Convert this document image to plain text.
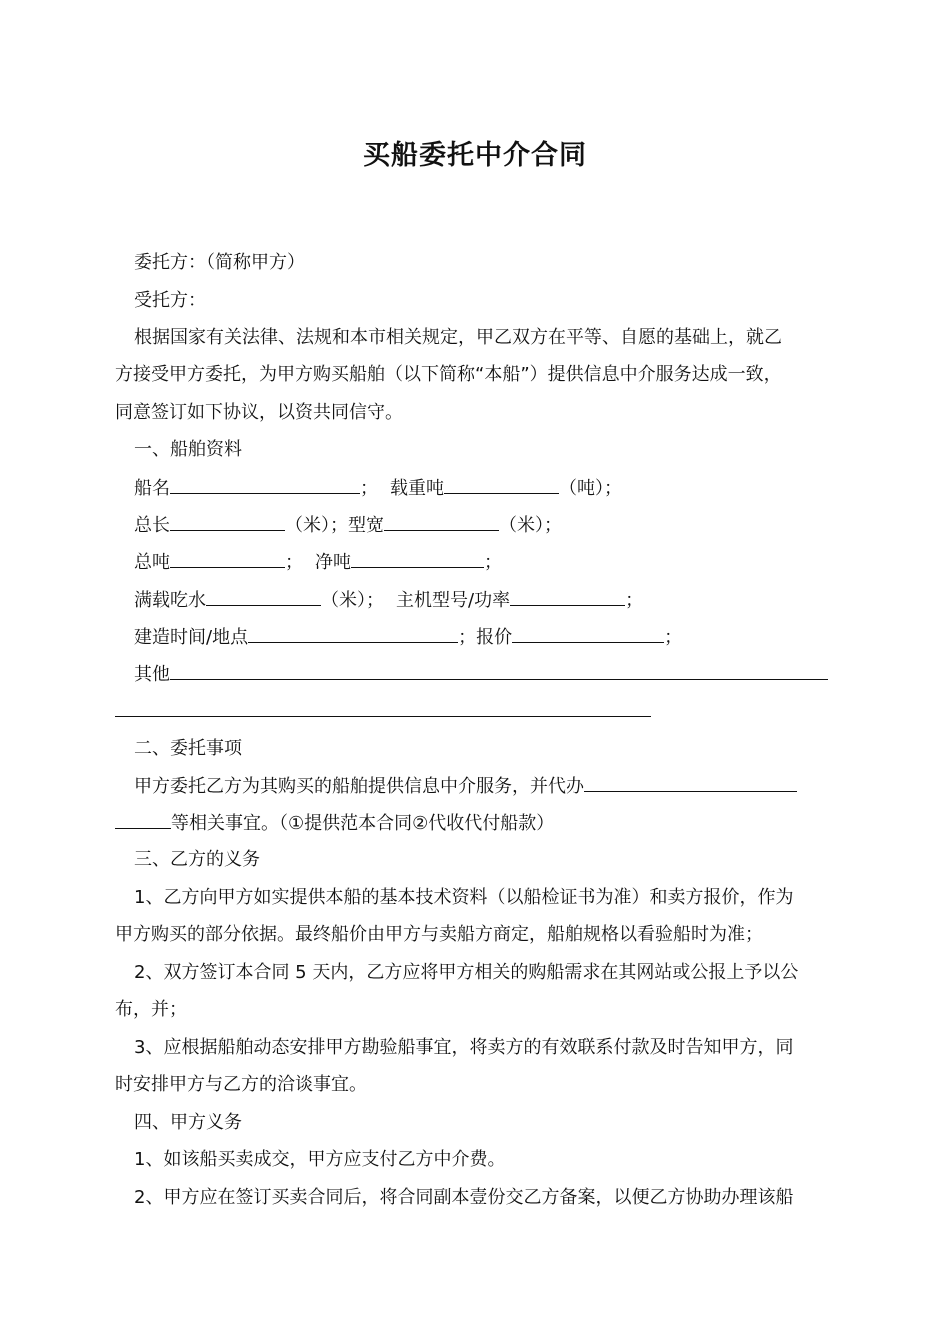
买船委托中介合同
委托方：（简称甲方）
受托方：
根据国家有关法律、法规和本市相关规定，甲乙双方在平等、自愿的基础上，就乙
方接受甲方委托，为甲方购买船舶（以下简称“本船”）提供信息中介服务达成一致，
同意签订如下协议，以资共同信守。
一、船舶资料
船名	； 载重吨	（吨）；
总长	（米）；型宽	（米）；
总吨	； 净吨	；
满载吃水	（米）； 主机型号/功率	；
建造时间/地点	；报价	；
其他
二、委托事项
甲方委托乙方为其购买的船舶提供信息中介服务，并代办
等相关事宜。（①提供范本合同②代收代付船款）
三、乙方的义务
1、乙方向甲方如实提供本船的基本技术资料（以船检证书为准）和卖方报价，作为
甲方购买的部分依据。最终船价由甲方与卖船方商定，船舶规格以看验船时为准；
2、双方签订本合同 5 天内，乙方应将甲方相关的购船需求在其网站或公报上予以公
布，并；
3、应根据船舶动态安排甲方勘验船事宜，将卖方的有效联系付款及时告知甲方，同
时安排甲方与乙方的洽谈事宜。
四、甲方义务
1、如该船买卖成交，甲方应支付乙方中介费。
2、甲方应在签订买卖合同后，将合同副本壹份交乙方备案，以便乙方协助办理该船
